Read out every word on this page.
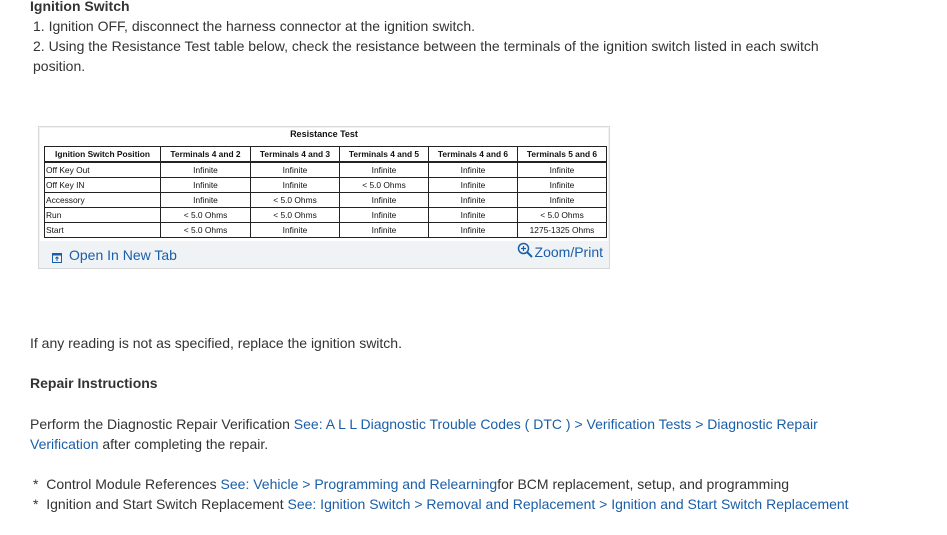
Ignition Switch

1. Ignition OFF, disconnect the harness connector at the ignition switch.

2. Using the Resistance Test table below, check the resistance between the terminals of the ignition switch listed in each switch position.

Resistance Test
Ignition Switch Position	Terminals 4 and 2	Terminals 4 and 3	Terminals 4 and 5	Terminals 4 and 6	Terminals 5 and 6
Off Key Out	Infinite	Infinite	Infinite	Infinite	Infinite
Off Key IN	Infinite	Infinite	< 5.0 Ohms	Infinite	Infinite
Accessory	Infinite	< 5.0 Ohms	Infinite	Infinite	Infinite
Run	< 5.0 Ohms	< 5.0 Ohms	Infinite	Infinite	< 5.0 Ohms
Start	< 5.0 Ohms	Infinite	Infinite	Infinite	1275-1325 Ohms
Open In New Tab	Zoom/Print
If any reading is not as specified, replace the ignition switch.
Repair Instructions
Perform the Diagnostic Repair Verification See: A L L Diagnostic Trouble Codes ( DTC ) > Verification Tests > Diagnostic Repair Verification after completing the repair.

* Control Module References See: Vehicle > Programming and Relearningfor BCM replacement, setup, and programming

* Ignition and Start Switch Replacement See: Ignition Switch > Removal and Replacement > Ignition and Start Switch Replacement
